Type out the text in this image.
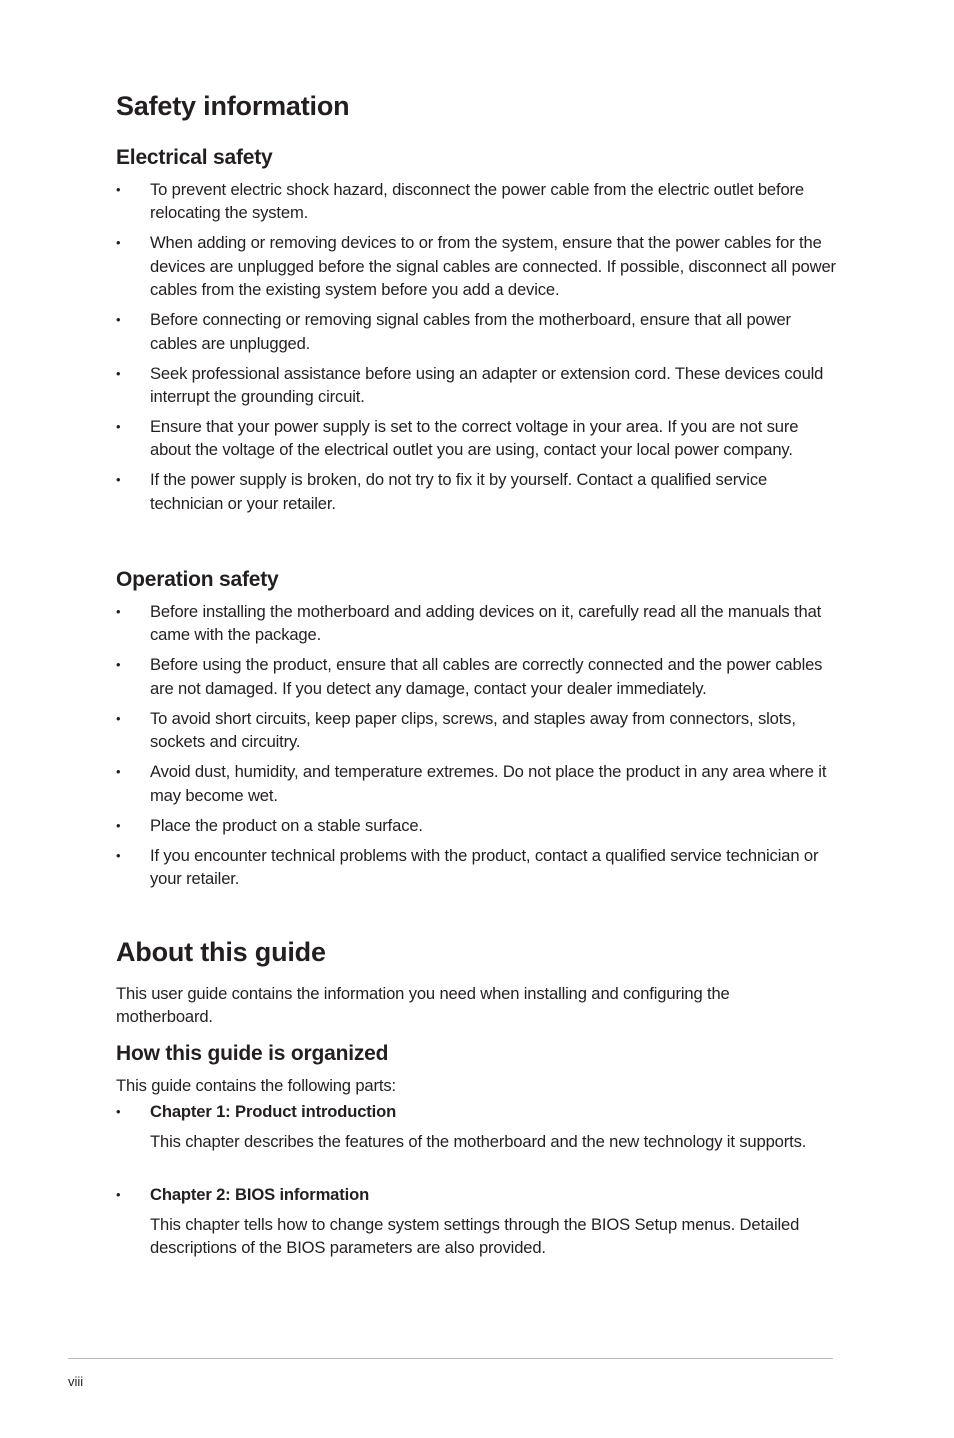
Safety information
Electrical safety
•	To prevent electric shock hazard, disconnect the power cable from the electric outlet before relocating the system.
•	When adding or removing devices to or from the system, ensure that the power cables for the devices are unplugged before the signal cables are connected. If possible, disconnect all power cables from the existing system before you add a device.
•	Before connecting or removing signal cables from the motherboard, ensure that all power cables are unplugged.
•	Seek professional assistance before using an adapter or extension cord. These devices could interrupt the grounding circuit.
•	Ensure that your power supply is set to the correct voltage in your area. If you are not sure about the voltage of the electrical outlet you are using, contact your local power company.
•	If the power supply is broken, do not try to fix it by yourself. Contact a qualified service technician or your retailer.
Operation safety
•	Before installing the motherboard and adding devices on it, carefully read all the manuals that came with the package.
•	Before using the product, ensure that all cables are correctly connected and the power cables are not damaged. If you detect any damage, contact your dealer immediately.
•	To avoid short circuits, keep paper clips, screws, and staples away from connectors, slots, sockets and circuitry.
•	Avoid dust, humidity, and temperature extremes. Do not place the product in any area where it may become wet.
•	Place the product on a stable surface.
•	If you encounter technical problems with the product, contact a qualified service technician or your retailer.
About this guide

This user guide contains the information you need when installing and configuring the motherboard.

How this guide is organized

This guide contains the following parts:

• Chapter 1: Product introduction
This chapter describes the features of the motherboard and the new technology it supports.
• Chapter 2: BIOS information
This chapter tells how to change system settings through the BIOS Setup menus. Detailed descriptions of the BIOS parameters are also provided.
viii
